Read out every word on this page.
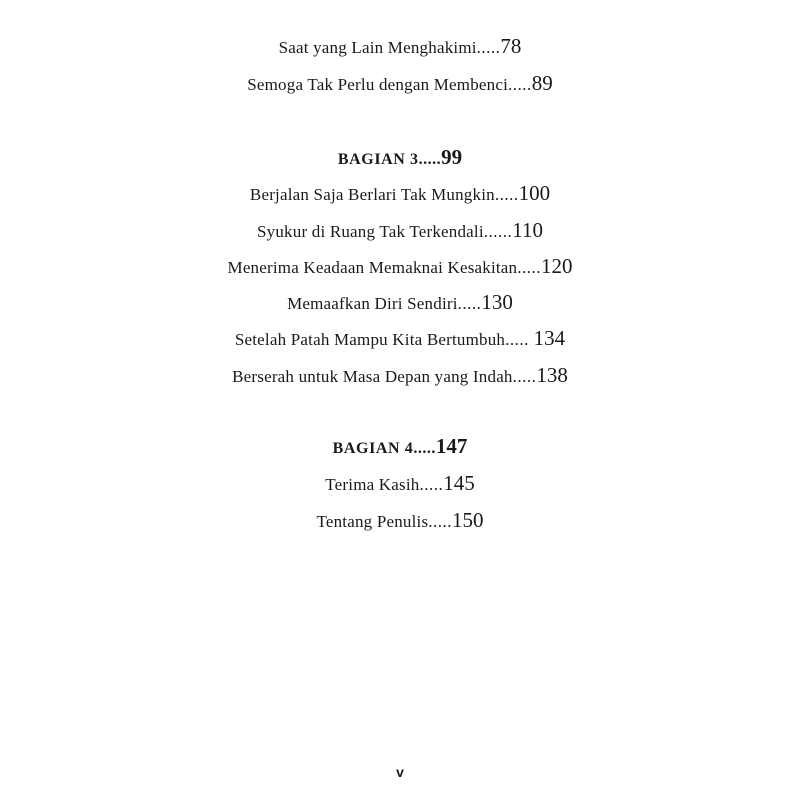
Saat yang Lain Menghakimi.....78
Semoga Tak Perlu dengan Membenci.....89
BAGIAN 3.....99
Berjalan Saja Berlari Tak Mungkin.....100
Syukur di Ruang Tak Terkendali......110
Menerima Keadaan Memaknai Kesakitan.....120
Memaafkan Diri Sendiri.....130
Setelah Patah Mampu Kita Bertumbuh..... 134
Berserah untuk Masa Depan yang Indah.....138
BAGIAN 4.....147
Terima Kasih.....145
Tentang Penulis.....150
v
